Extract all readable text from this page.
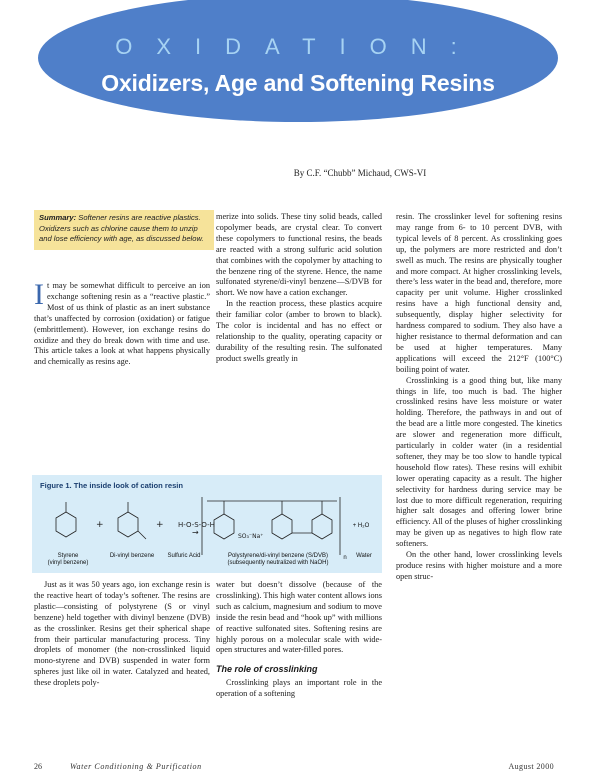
OXIDATION:
Oxidizers, Age and Softening Resins
By C.F. “Chubb” Michaud, CWS-VI
Summary: Softener resins are reactive plastics. Oxidizers such as chlorine cause them to unzip and lose efficiency with age, as discussed below.

It may be somewhat difficult to perceive an ion exchange softening resin as a “reactive plastic.” Most of us think of plastic as an inert substance that’s unaffected by corrosion (oxidation) or fatigue (embrittlement). However, ion exchange resins do oxidize and they do break down with time and use. This article takes a look at what happens physically and chemically as resins age.

Just as it was 50 years ago, ion exchange resin is the reactive heart of today’s softener. The resins are plastic—consisting of polystyrene (S or vinyl benzene) held together with divinyl benzene (DVB) as the crosslinker. Resins get their spherical shape from their particular manufacturing process. Tiny droplets of monomer (the non-crosslinked liquid mono-styrene and DVB) suspended in water form spheres just like oil in water. Catalyzed and heated, these droplets poly-

merize into solids. These tiny solid beads, called copolymer beads, are crystal clear. To convert these copolymers to functional resins, the beads are reacted with a strong sulfuric acid solution that combines with the copolymer by attaching to the benzene ring of the styrene. Hence, the name sulfonated styrene/di-vinyl benzene—S/DVB for short. We now have a cation exchanger.

In the reaction process, these plastics acquire their familiar color (amber to brown to black). The color is incidental and has no effect or relationship to the quality, operating capacity or durability of the resulting resin. The sulfonated product swells greatly in

water but doesn’t dissolve (because of the crosslinking). This high water content allows ions such as calcium, magnesium and sodium to move inside the resin bead and “hook up” with millions of reactive sulfonated sites. Softening resins are highly porous on a molecular scale with wide-open structures and water-filled pores.

The role of crosslinking

Crosslinking plays an important role in the operation of a softening

resin. The crosslinker level for softening resins may range from 6- to 10 percent DVB, with typical levels of 8 percent. As crosslinking goes up, the polymers are more restricted and don’t swell as much. The resins are physically tougher and more compact. At higher crosslinking levels, there’s less water in the bead and, therefore, more capacity per unit volume. Higher crosslinked resins have a high functional density and, subsequently, display higher selectivity for hardness compared to sodium. They also have a higher resistance to thermal deformation and can be used at higher temperatures. Many applications will exceed the 212°F (100°C) boiling point of water.

Crosslinking is a good thing but, like many things in life, too much is bad. The higher crosslinked resins have less moisture or water holding. Therefore, the pathways in and out of the bead are a little more congested. The kinetics are slower and regeneration more difficult, particularly in colder water (in a residential softener, they may be too slow to handle typical household flow rates). These resins will exhibit lower operating capacity as a result. The higher selectivity for hardness during service may be lost due to more difficult regeneration, requiring higher salt dosages and offering lower brine efficiency. All of the pluses of higher crosslinking may be given up as negatives to high flow rate softeners.

On the other hand, lower crosslinking levels produce resins with higher moisture and a more open struc-

Figure 1. The inside look of cation resin
H-O-S-O-H
+	+
→	SO₃⁻Na⁺
Styrene
(vinyl benzene)
Di-vinyl benzene	Sulfuric Acid	Polystyrene/di-vinyl benzene (S/DVB)
(subsequently neutralized with NaOH)
Water
+ H₂O
n
26	Water Conditioning & Purification	August 2000
